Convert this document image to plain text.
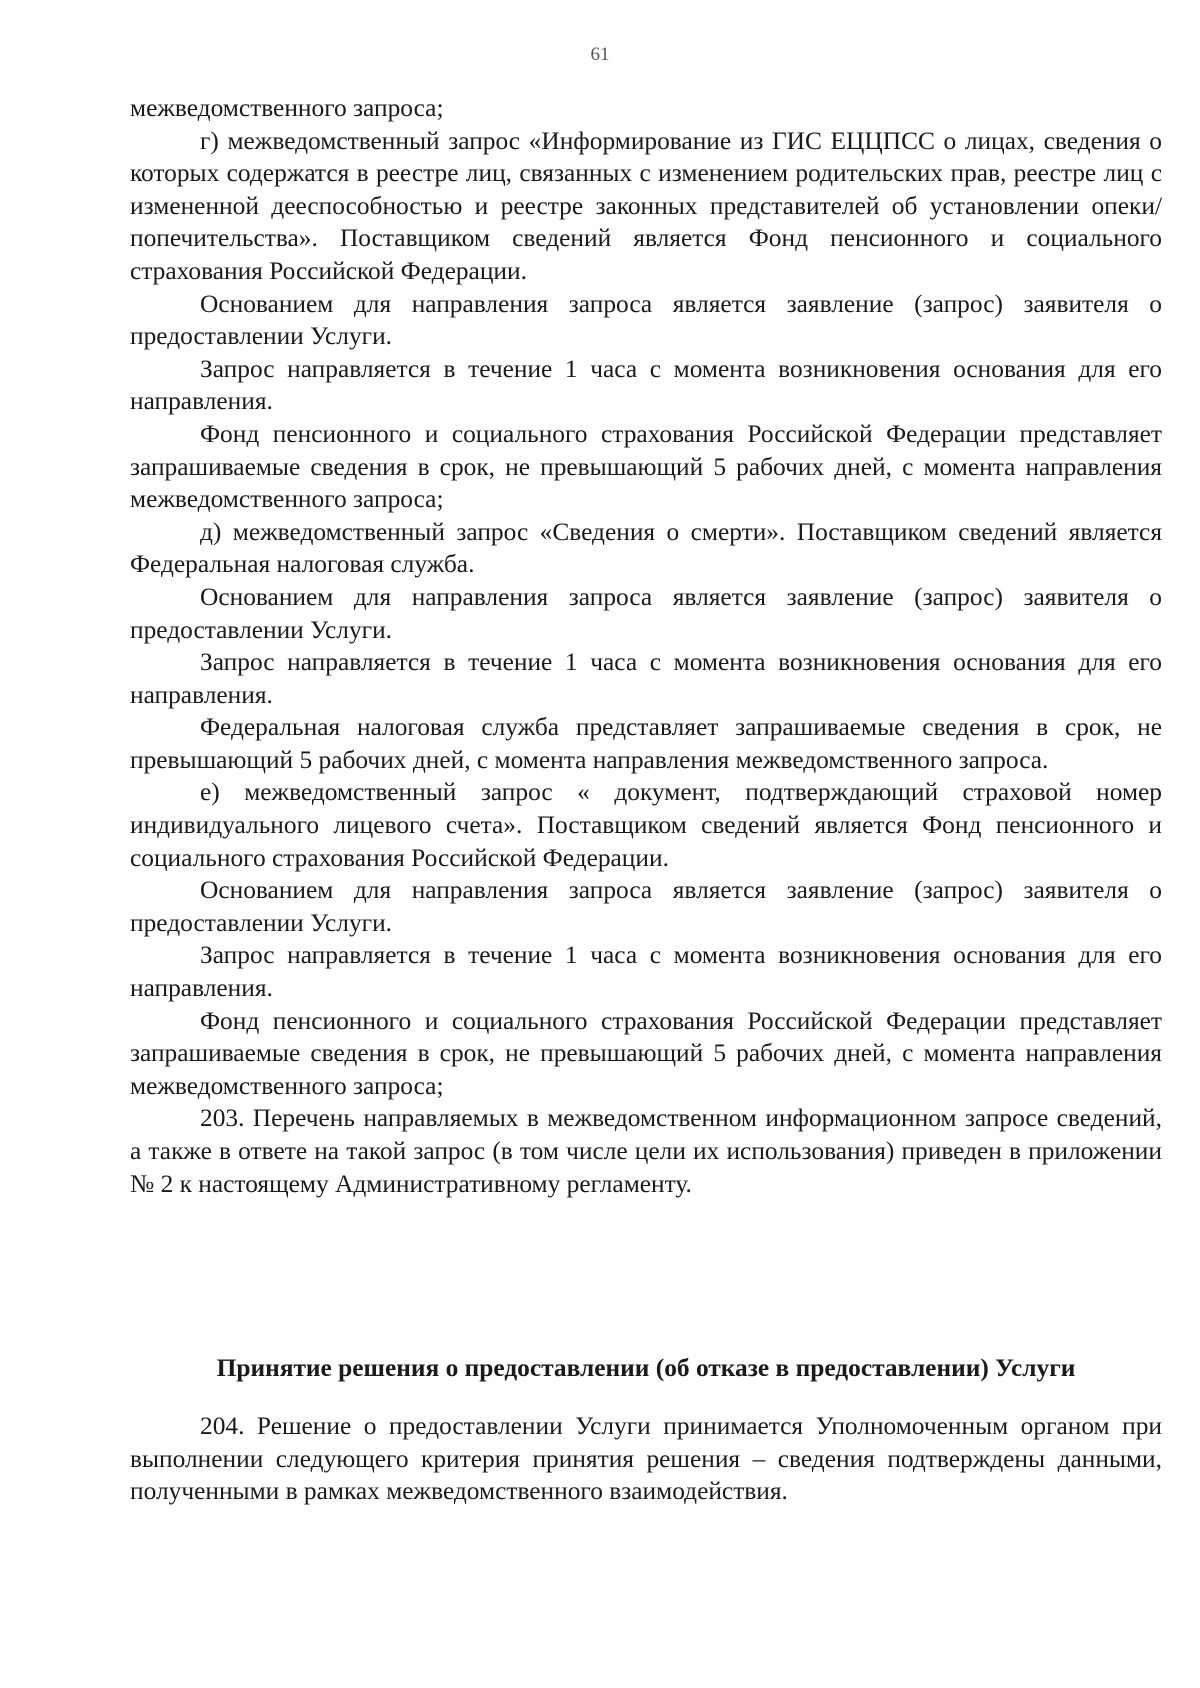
61

межведомственного запроса;

г) межведомственный запрос «Информирование из ГИС ЕЦЦПСС о лицах, сведения о которых содержатся в реестре лиц, связанных с изменением родительских прав, реестре лиц с измененной дееспособностью и реестре законных представителей об установлении опеки/попечительства». Поставщиком сведений является Фонд пенсионного и социального страхования Российской Федерации.

Основанием для направления запроса является заявление (запрос) заявителя о предоставлении Услуги.

Запрос направляется в течение 1 часа с момента возникновения основания для его направления.

Фонд пенсионного и социального страхования Российской Федерации представляет запрашиваемые сведения в срок, не превышающий 5 рабочих дней, с момента направления межведомственного запроса;

д) межведомственный запрос «Сведения о смерти». Поставщиком сведений является Федеральная налоговая служба.

Основанием для направления запроса является заявление (запрос) заявителя о предоставлении Услуги.

Запрос направляется в течение 1 часа с момента возникновения основания для его направления.

Федеральная налоговая служба представляет запрашиваемые сведения в срок, не превышающий 5 рабочих дней, с момента направления межведомственного запроса.

е) межведомственный запрос « документ, подтверждающий страховой номер индивидуального лицевого счета». Поставщиком сведений является Фонд пенсионного и социального страхования Российской Федерации.

Основанием для направления запроса является заявление (запрос) заявителя о предоставлении Услуги.

Запрос направляется в течение 1 часа с момента возникновения основания для его направления.

Фонд пенсионного и социального страхования Российской Федерации представляет запрашиваемые сведения в срок, не превышающий 5 рабочих дней, с момента направления межведомственного запроса;

203. Перечень направляемых в межведомственном информационном запросе сведений, а также в ответе на такой запрос (в том числе цели их использования) приведен в приложении № 2 к настоящему Административному регламенту.

Принятие решения о предоставлении (об отказе в предоставлении) Услуги

204. Решение о предоставлении Услуги принимается Уполномоченным органом при выполнении следующего критерия принятия решения – сведения подтверждены данными, полученными в рамках межведомственного взаимодействия.
